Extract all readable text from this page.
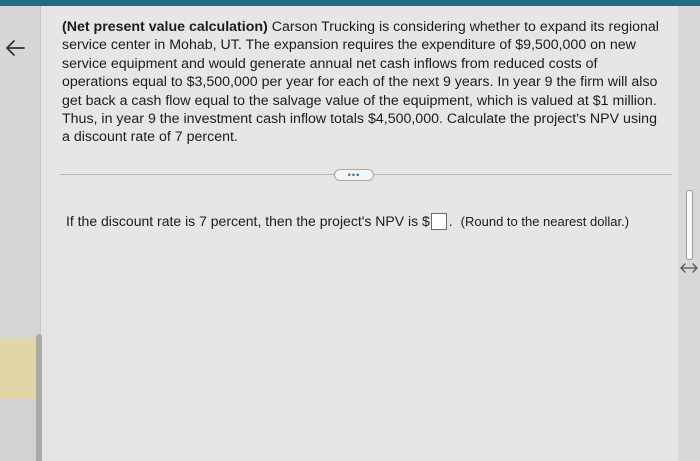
(Net present value calculation) Carson Trucking is considering whether to expand its regional service center in Mohab, UT. The expansion requires the expenditure of $9,500,000 on new service equipment and would generate annual net cash inflows from reduced costs of operations equal to $3,500,000 per year for each of the next 9 years. In year 9 the firm will also get back a cash flow equal to the salvage value of the equipment, which is valued at $1 million. Thus, in year 9 the investment cash inflow totals $4,500,000. Calculate the project's NPV using a discount rate of 7 percent.

•••
If the discount rate is 7 percent, then the project's NPV is $ . (Round to the nearest dollar.)
